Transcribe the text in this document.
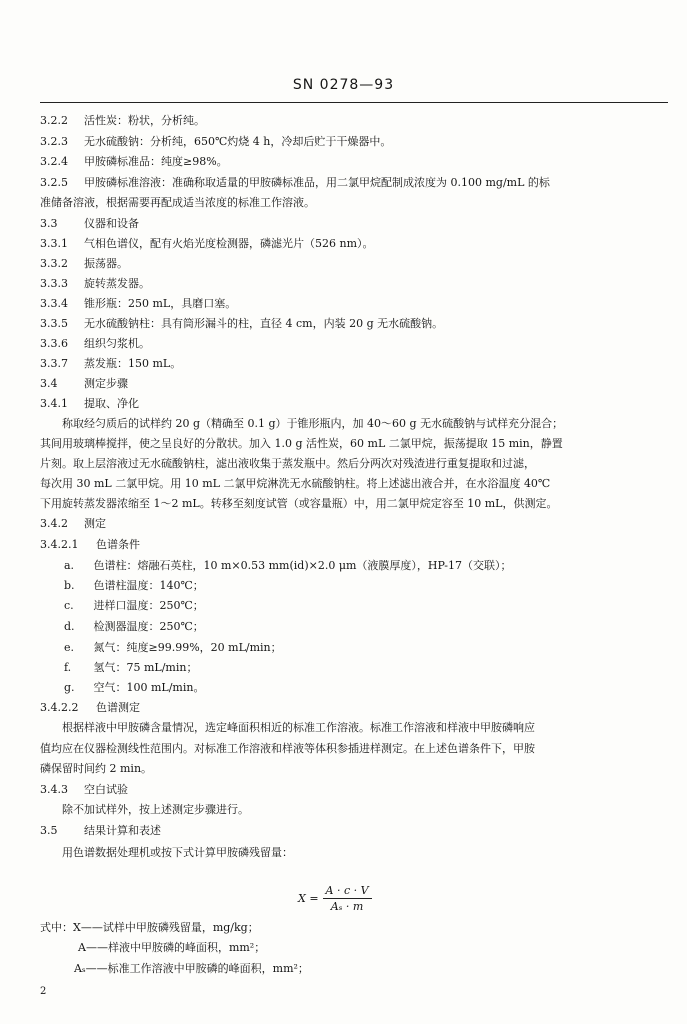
SN 0278—93
3.2.2 活性炭：粉状，分析纯。
3.2.3 无水硫酸钠：分析纯，650℃灼烧 4 h，冷却后贮于干燥器中。
3.2.4 甲胺磷标准品：纯度≥98%。
3.2.5 甲胺磷标准溶液：准确称取适量的甲胺磷标准品，用二氯甲烷配制成浓度为 0.100 mg/mL 的标
准储备溶液，根据需要再配成适当浓度的标准工作溶液。
3.3 仪器和设备
3.3.1 气相色谱仪，配有火焰光度检测器，磷滤光片（526 nm）。
3.3.2 振荡器。
3.3.3 旋转蒸发器。
3.3.4 锥形瓶：250 mL，具磨口塞。
3.3.5 无水硫酸钠柱：具有筒形漏斗的柱，直径 4 cm，内装 20 g 无水硫酸钠。
3.3.6 组织匀浆机。
3.3.7 蒸发瓶：150 mL。
3.4 测定步骤
3.4.1 提取、净化
称取经匀质后的试样约 20 g（精确至 0.1 g）于锥形瓶内，加 40～60 g 无水硫酸钠与试样充分混合；
其间用玻璃棒搅拌，使之呈良好的分散状。加入 1.0 g 活性炭，60 mL 二氯甲烷，振荡提取 15 min，静置
片刻。取上层溶液过无水硫酸钠柱，滤出液收集于蒸发瓶中。然后分两次对残渣进行重复提取和过滤，
每次用 30 mL 二氯甲烷。用 10 mL 二氯甲烷淋洗无水硫酸钠柱。将上述滤出液合并，在水浴温度 40℃
下用旋转蒸发器浓缩至 1～2 mL。转移至刻度试管（或容量瓶）中，用二氯甲烷定容至 10 mL，供测定。
3.4.2 测定
3.4.2.1 色谱条件
a. 色谱柱：熔融石英柱，10 m×0.53 mm(id)×2.0 μm（液膜厚度），HP-17（交联）；
b. 色谱柱温度：140℃；
c. 进样口温度：250℃；
d. 检测器温度：250℃；
e. 氮气：纯度≥99.99%，20 mL/min；
f. 氢气：75 mL/min；
g. 空气：100 mL/min。
3.4.2.2 色谱测定
根据样液中甲胺磷含量情况，选定峰面积相近的标准工作溶液。标准工作溶液和样液中甲胺磷响应
值均应在仪器检测线性范围内。对标准工作溶液和样液等体积参插进样测定。在上述色谱条件下，甲胺
磷保留时间约 2 min。
3.4.3 空白试验
除不加试样外，按上述测定步骤进行。
3.5 结果计算和表述
用色谱数据处理机或按下式计算甲胺磷残留量：
$X = \frac{A \cdot c \cdot V}{\text{Aₛ · m}}$
式中：X——试样中甲胺磷残留量，mg/kg；
A——样液中甲胺磷的峰面积，mm²；
Aₛ——标准工作溶液中甲胺磷的峰面积，mm²；
2
